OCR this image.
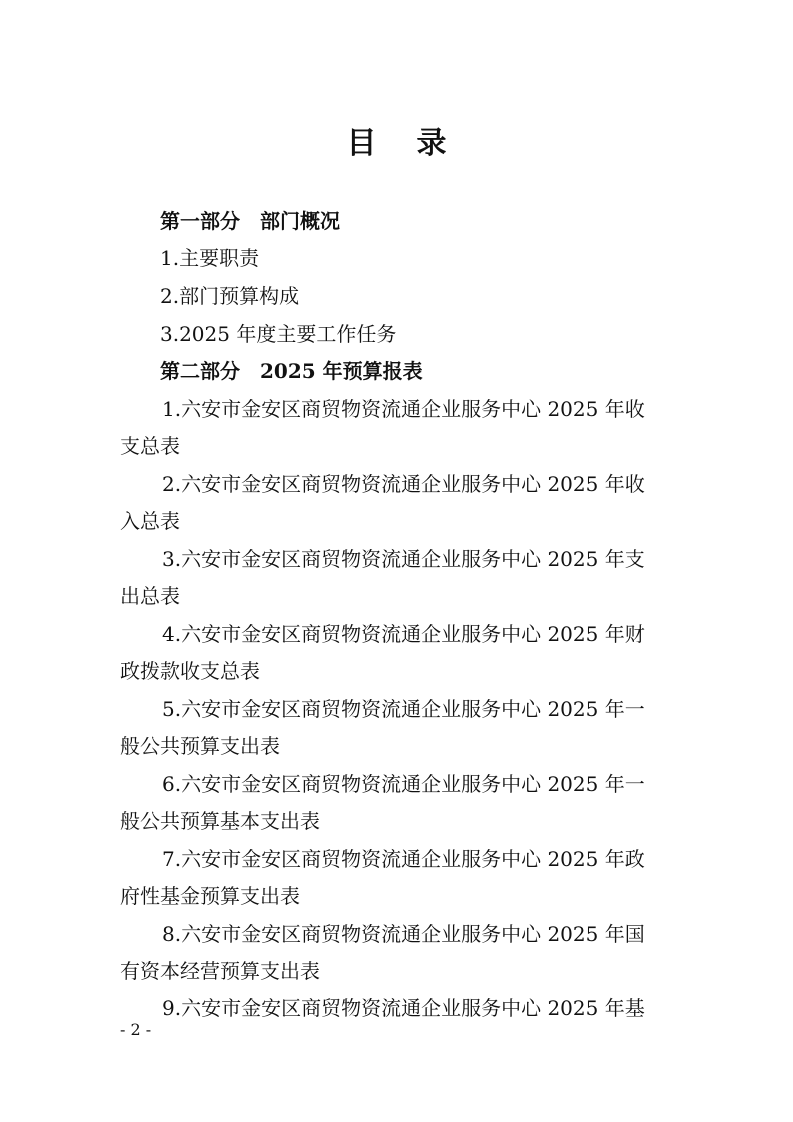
目录
第一部分　部门概况
1.主要职责
2.部门预算构成
3.2025 年度主要工作任务
第二部分　2025 年预算报表
1.六安市金安区商贸物资流通企业服务中心 2025 年收
支总表
2.六安市金安区商贸物资流通企业服务中心 2025 年收
入总表
3.六安市金安区商贸物资流通企业服务中心 2025 年支
出总表
4.六安市金安区商贸物资流通企业服务中心 2025 年财
政拨款收支总表
5.六安市金安区商贸物资流通企业服务中心 2025 年一
般公共预算支出表
6.六安市金安区商贸物资流通企业服务中心 2025 年一
般公共预算基本支出表
7.六安市金安区商贸物资流通企业服务中心 2025 年政
府性基金预算支出表
8.六安市金安区商贸物资流通企业服务中心 2025 年国
有资本经营预算支出表
9.六安市金安区商贸物资流通企业服务中心 2025 年基
- 2 -
